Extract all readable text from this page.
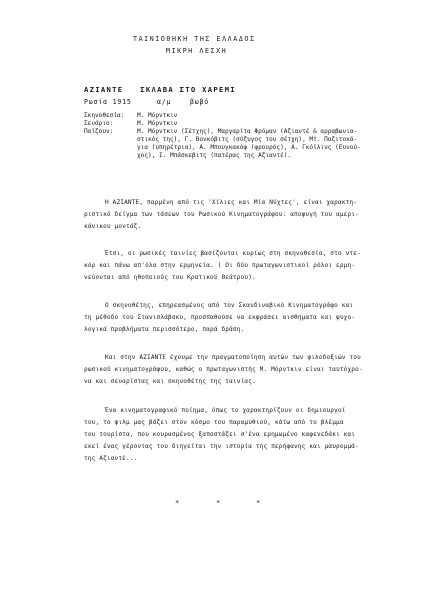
ΤΑΙΝΙΟΘΗΚΗ ΤΗΣ ΕΛΛΑΔΟΣ
ΜΙΚΡΗ ΛΕΣΧΗ
ΑΖΙΑΝΤΕ   ΣΚΛΑΒΑ ΣΤΟ ΧΑΡΕΜΙ
Ρωσία 1915	α/μ	βωβό
Σκηνοθεσία: Μ. Μόρντκιν
Σενάριο:	Μ. Μόρντκιν
Παίζουν:	Μ. Μόρντκιν (Σέτχης), Μαργαρίτα Φρόμαν (Αζιαντέ & αρραβωνια-
στικός της), Γ. Βονκόβιτς (σύζυγος του σέτχη), Μτ. Παζιτοκά-
για (υπηρέτρια), Α. Μπουγκακόφ (φρουρός), Α. Γκόϊλινς (Ευνού-
χος), Ι. Μπάσκεβιτς (πατέρας της Αζιαντέ).
Η ΑΖΙΑΝΤΕ, παρμένη από τις 'Χίλιες και Μία Νύχτες', είναι χαρακτη-
ριστικό δείγμα των τάσεων του Ρωσικού Κινηματογράφου: αποφυγή του αμερι-
κάνικου μοντάζ.
Έτσι, οι ρωσικές ταινίες βασίζονται κυρίως στη σκηνοθεσία, στο ντε-
κόρ και πάνω απ'όλα στην ερμηνεία. ( Οι δύο πρωταγωνιστικοί ρόλοι ερμη-
νεύονται από ηθοποιούς του Κρατικού Θεάτρου).
Ο σκηνοθέτης, επηρεασμένος από τον Σκανδιναβικό Κινηματογράφο και
τη μέθοδο του Στανισλάβσκυ, προσπαθούσε να εκφράσει αισθήματα και ψυχο-
λογικά προβλήματα περισσότερο, παρά δράση.
Και στην ΑΖΙΑΝΤΕ έχουμε την πραγματοποίηση αυτών των φιλοδοξιών του
ρωσικού κινηματογράφου, καθώς ο πρωταγωνιστής Μ. Μόρντκιν είναι ταυτόχρο-
να και σεναρίστας και σκηνοθέτης της ταινίας.
Ένα κινηματογραφικό ποίημα, όπως το χαρακτηρίζουν οι δημιουργοί
του, το φιλμ μας βάζει στον κόσμο του παραμυθιού, κάτω από το βλέμμα
του τουρίστα, που κουρασμένος ξαποστάζει σ'ένα ερημωμένο καφενεδάκι και
εκεί ένας γέροντας του διηγείται την ιστορία της περήφανης και μαυρομμά-
της Αζιαντέ...
*	*	*
